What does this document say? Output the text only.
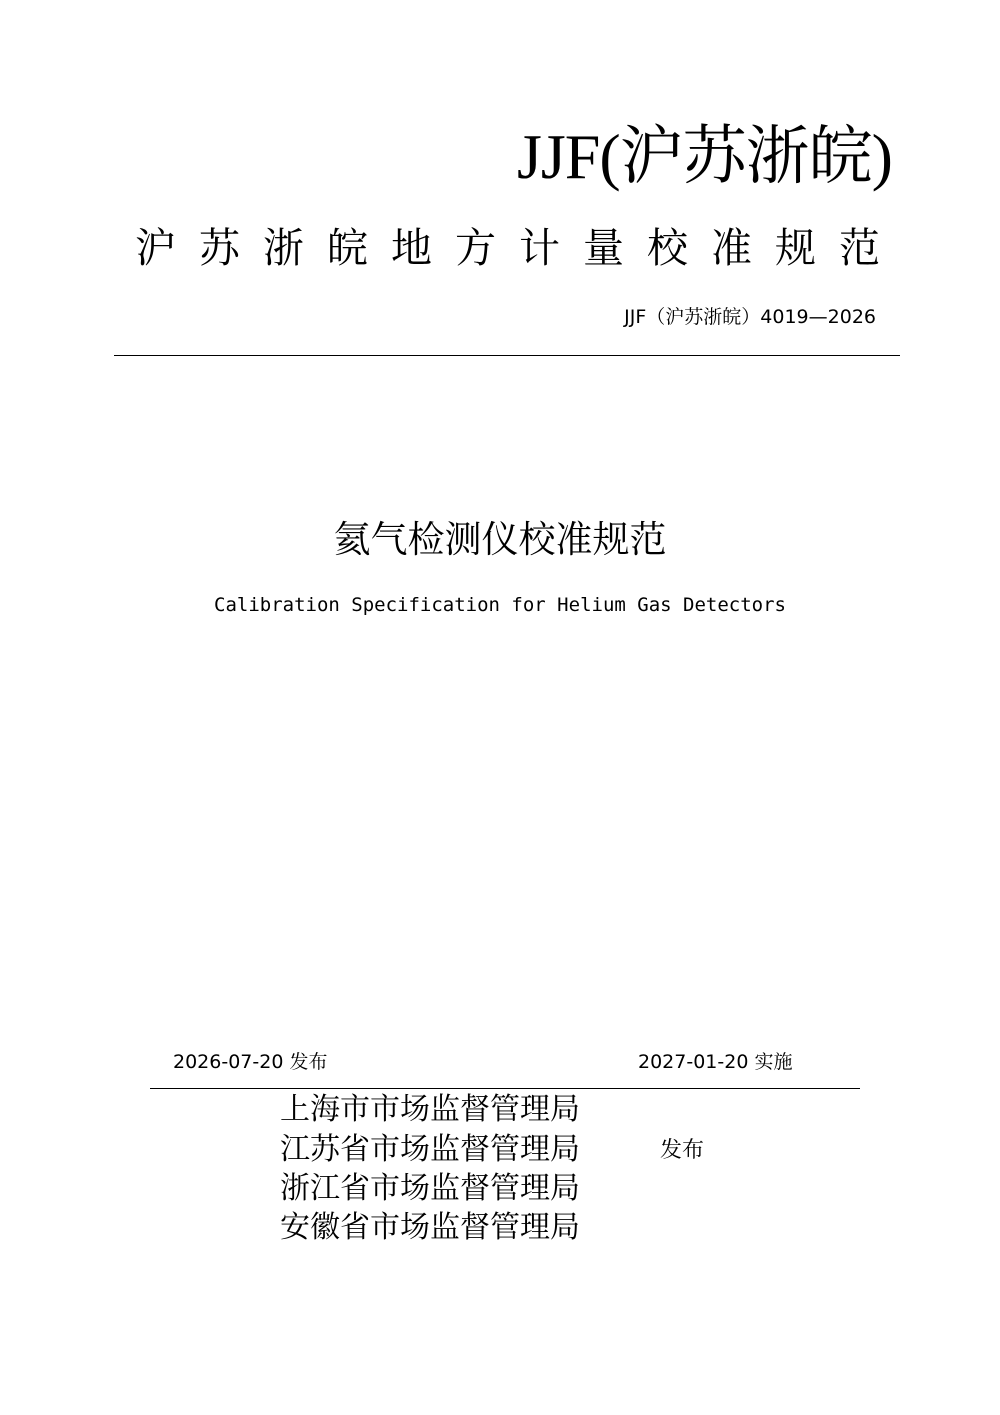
JJF(沪苏浙皖)
沪苏浙皖地方计量校准规范
JJF（沪苏浙皖）4019—2026
氦气检测仪校准规范
Calibration Specification for Helium Gas Detectors
2026-07-20 发布	2027-01-20 实施
上海市市场监督管理局
江苏省市场监督管理局
浙江省市场监督管理局
安徽省市场监督管理局
发布
